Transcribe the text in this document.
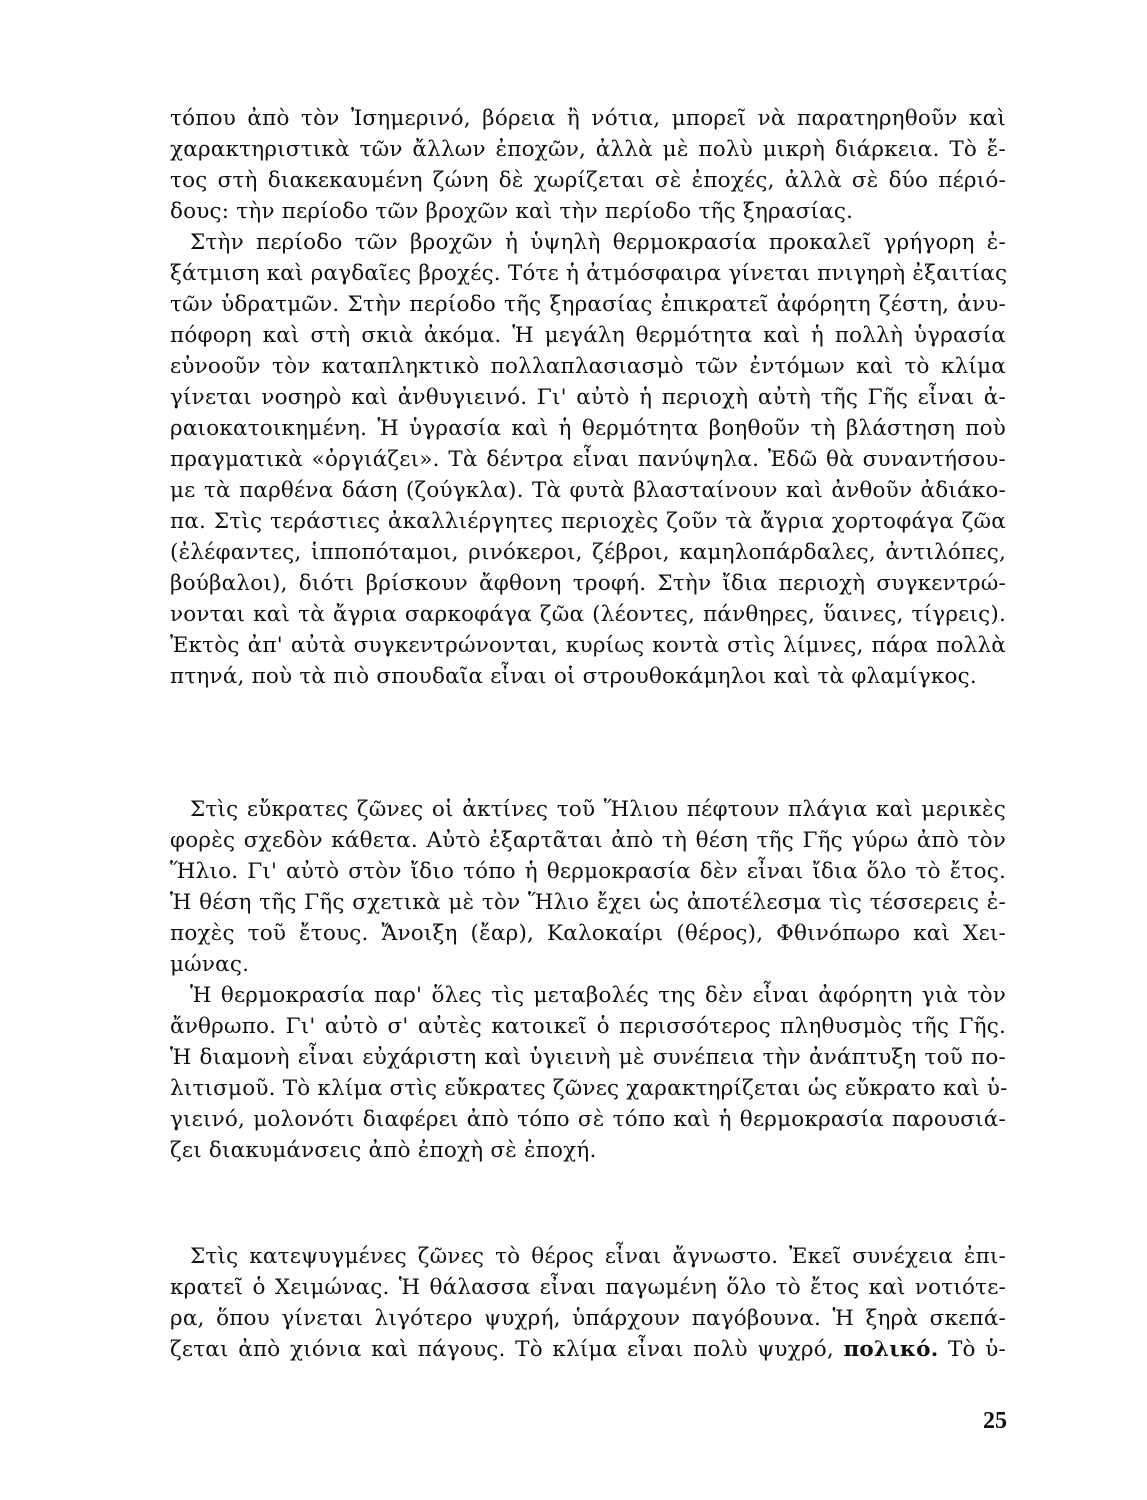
τόπου ἀπὸ τὸν Ἰσημερινό, βόρεια ἢ νότια, μπορεῖ νὰ παρατηρηθοῦν καὶ
χαρακτηριστικὰ τῶν ἄλλων ἐποχῶν, ἀλλὰ μὲ πολὺ μικρὴ διάρκεια. Τὸ ἔ-
τος στὴ διακεκαυμένη ζώνη δὲ χωρίζεται σὲ ἐποχές, ἀλλὰ σὲ δύο πέριό-
δους: τὴν περίοδο τῶν βροχῶν καὶ τὴν περίοδο τῆς ξηρασίας.
Στὴν περίοδο τῶν βροχῶν ἡ ὑψηλὴ θερμοκρασία προκαλεῖ γρήγορη ἐ-
ξάτμιση καὶ ραγδαῖες βροχές. Τότε ἡ ἀτμόσφαιρα γίνεται πνιγηρὴ ἐξαιτίας
τῶν ὑδρατμῶν. Στὴν περίοδο τῆς ξηρασίας ἐπικρατεῖ ἀφόρητη ζέστη, ἀνυ-
πόφορη καὶ στὴ σκιὰ ἀκόμα. Ἡ μεγάλη θερμότητα καὶ ἡ πολλὴ ὑγρασία
εὐνοοῦν τὸν καταπληκτικὸ πολλαπλασιασμὸ τῶν ἐντόμων καὶ τὸ κλίμα
γίνεται νοσηρὸ καὶ ἀνθυγιεινό. Γι' αὐτὸ ἡ περιοχὴ αὐτὴ τῆς Γῆς εἶναι ἀ-
ραιοκατοικημένη. Ἡ ὑγρασία καὶ ἡ θερμότητα βοηθοῦν τὴ βλάστηση ποὺ
πραγματικὰ «ὀργιάζει». Τὰ δέντρα εἶναι πανύψηλα. Ἐδῶ θὰ συναντήσου-
με τὰ παρθένα δάση (ζούγκλα). Τὰ φυτὰ βλασταίνουν καὶ ἀνθοῦν ἀδιάκο-
πα. Στὶς τεράστιες ἀκαλλιέργητες περιοχὲς ζοῦν τὰ ἄγρια χορτοφάγα ζῶα
(ἐλέφαντες, ἱπποπόταμοι, ρινόκεροι, ζέβροι, καμηλοπάρδαλες, ἀντιλόπες,
βούβαλοι), διότι βρίσκουν ἄφθονη τροφή. Στὴν ἴδια περιοχὴ συγκεντρώ-
νονται καὶ τὰ ἄγρια σαρκοφάγα ζῶα (λέοντες, πάνθηρες, ὕαινες, τίγρεις).
Ἐκτὸς ἀπ' αὐτὰ συγκεντρώνονται, κυρίως κοντὰ στὶς λίμνες, πάρα πολλὰ
πτηνά, ποὺ τὰ πιὸ σπουδαῖα εἶναι οἱ στρουθοκάμηλοι καὶ τὰ φλαμίγκος.
Στὶς εὔκρατες ζῶνες οἱ ἀκτίνες τοῦ Ἥλιου πέφτουν πλάγια καὶ μερικὲς
φορὲς σχεδὸν κάθετα. Αὐτὸ ἐξαρτᾶται ἀπὸ τὴ θέση τῆς Γῆς γύρω ἀπὸ τὸν
Ἥλιο. Γι' αὐτὸ στὸν ἴδιο τόπο ἡ θερμοκρασία δὲν εἶναι ἴδια ὅλο τὸ ἔτος.
Ἡ θέση τῆς Γῆς σχετικὰ μὲ τὸν Ἥλιο ἔχει ὡς ἀποτέλεσμα τὶς τέσσερεις ἐ-
ποχὲς τοῦ ἔτους. Ἄνοιξη (ἔαρ), Καλοκαίρι (θέρος), Φθινόπωρο καὶ Χει-
μώνας.
Ἡ θερμοκρασία παρ' ὅλες τὶς μεταβολές της δὲν εἶναι ἀφόρητη γιὰ τὸν
ἄνθρωπο. Γι' αὐτὸ σ' αὐτὲς κατοικεῖ ὁ περισσότερος πληθυσμὸς τῆς Γῆς.
Ἡ διαμονὴ εἶναι εὐχάριστη καὶ ὑγιεινὴ μὲ συνέπεια τὴν ἀνάπτυξη τοῦ πο-
λιτισμοῦ. Τὸ κλίμα στὶς εὔκρατες ζῶνες χαρακτηρίζεται ὡς εὔκρατο καὶ ὑ-
γιεινό, μολονότι διαφέρει ἀπὸ τόπο σὲ τόπο καὶ ἡ θερμοκρασία παρουσιά-
ζει διακυμάνσεις ἀπὸ ἐποχὴ σὲ ἐποχή.
Στὶς κατεψυγμένες ζῶνες τὸ θέρος εἶναι ἄγνωστο. Ἐκεῖ συνέχεια ἐπι-
κρατεῖ ὁ Χειμώνας. Ἡ θάλασσα εἶναι παγωμένη ὅλο τὸ ἔτος καὶ νοτιότε-
ρα, ὅπου γίνεται λιγότερο ψυχρή, ὑπάρχουν παγόβουνα. Ἡ ξηρὰ σκεπά-
ζεται ἀπὸ χιόνια καὶ πάγους. Τὸ κλίμα εἶναι πολὺ ψυχρό, πολικό. Τὸ ὑ-
25
